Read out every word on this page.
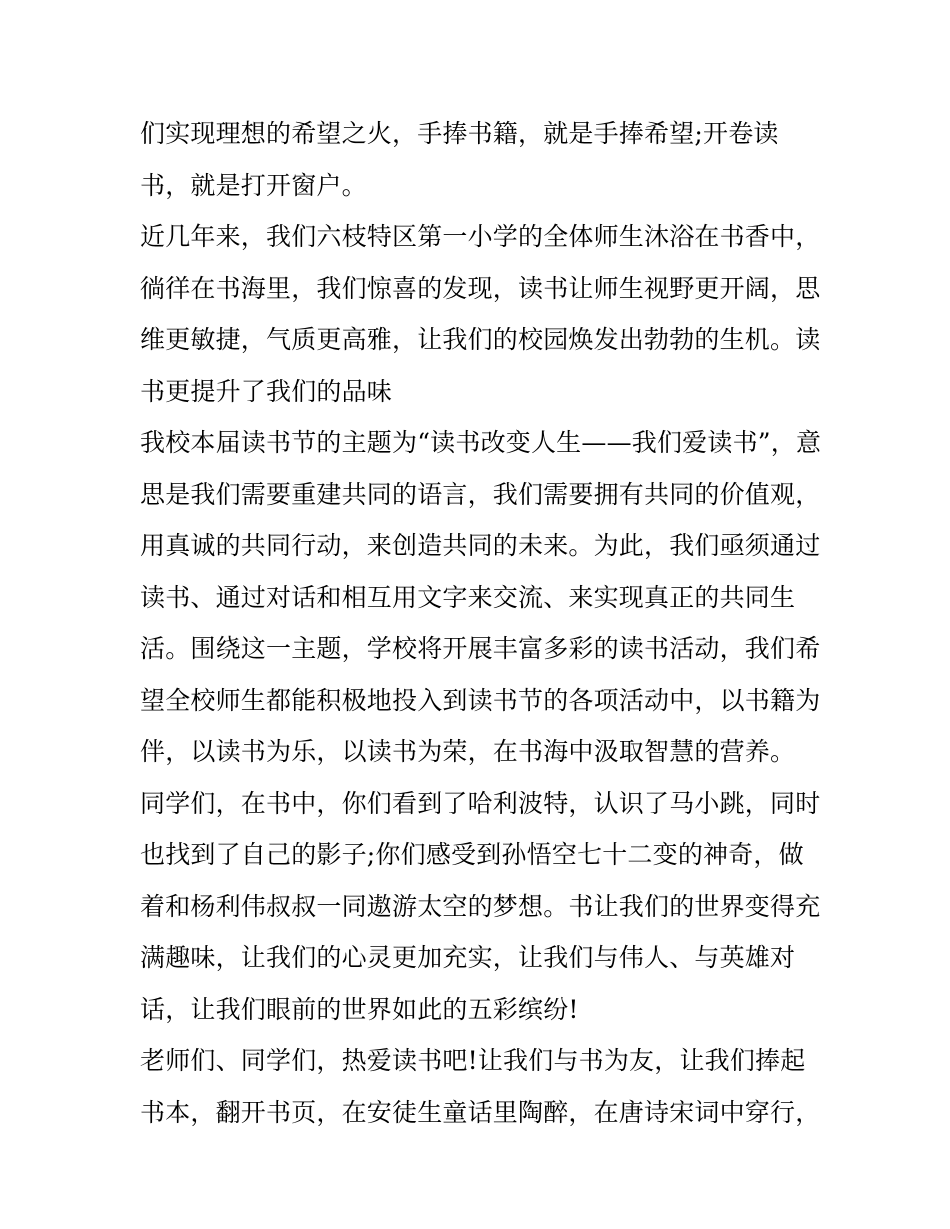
们实现理想的希望之火，手捧书籍，就是手捧希望;开卷读
书，就是打开窗户。
近几年来，我们六枝特区第一小学的全体师生沐浴在书香中，
徜徉在书海里，我们惊喜的发现，读书让师生视野更开阔，思
维更敏捷，气质更高雅，让我们的校园焕发出勃勃的生机。读
书更提升了我们的品味
我校本届读书节的主题为“读书改变人生——我们爱读书”，意
思是我们需要重建共同的语言，我们需要拥有共同的价值观，
用真诚的共同行动，来创造共同的未来。为此，我们亟须通过
读书、通过对话和相互用文字来交流、来实现真正的共同生
活。围绕这一主题，学校将开展丰富多彩的读书活动，我们希
望全校师生都能积极地投入到读书节的各项活动中，以书籍为
伴，以读书为乐，以读书为荣，在书海中汲取智慧的营养。
同学们，在书中，你们看到了哈利波特，认识了马小跳，同时
也找到了自己的影子;你们感受到孙悟空七十二变的神奇，做
着和杨利伟叔叔一同遨游太空的梦想。书让我们的世界变得充
满趣味，让我们的心灵更加充实，让我们与伟人、与英雄对
话，让我们眼前的世界如此的五彩缤纷!
老师们、同学们，热爱读书吧!让我们与书为友，让我们捧起
书本，翻开书页，在安徒生童话里陶醉，在唐诗宋词中穿行，
